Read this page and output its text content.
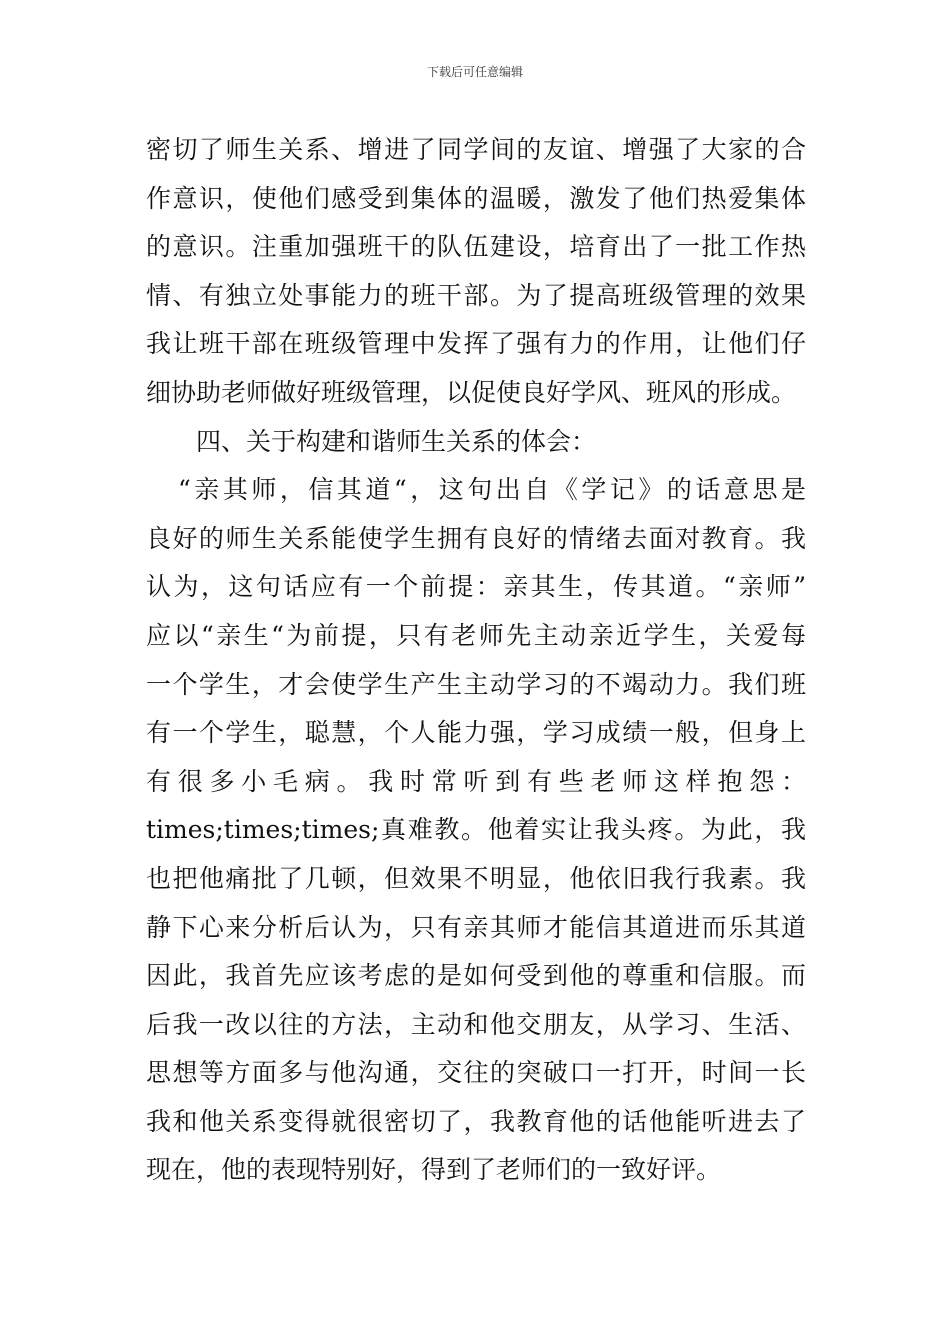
下载后可任意编辑
密切了师生关系、增进了同学间的友谊、增强了大家的合
作意识，使他们感受到集体的温暖，激发了他们热爱集体
的意识。注重加强班干的队伍建设，培育出了一批工作热
情、有独立处事能力的班干部。为了提高班级管理的效果
我让班干部在班级管理中发挥了强有力的作用，让他们仔
细协助老师做好班级管理，以促使良好学风、班风的形成。
四、关于构建和谐师生关系的体会：
“亲其师，信其道“，这句出自《学记》的话意思是
良好的师生关系能使学生拥有良好的情绪去面对教育。我
认为，这句话应有一个前提：亲其生，传其道。“亲师”
应以“亲生“为前提，只有老师先主动亲近学生，关爱每
一个学生，才会使学生产生主动学习的不竭动力。我们班
有一个学生，聪慧，个人能力强，学习成绩一般，但身上
有很多小毛病。我时常听到有些老师这样抱怨：
times;times;times;真难教。他着实让我头疼。为此，我
也把他痛批了几顿，但效果不明显，他依旧我行我素。我
静下心来分析后认为，只有亲其师才能信其道进而乐其道
因此，我首先应该考虑的是如何受到他的尊重和信服。而
后我一改以往的方法，主动和他交朋友，从学习、生活、
思想等方面多与他沟通，交往的突破口一打开，时间一长
我和他关系变得就很密切了，我教育他的话他能听进去了
现在，他的表现特别好，得到了老师们的一致好评。
